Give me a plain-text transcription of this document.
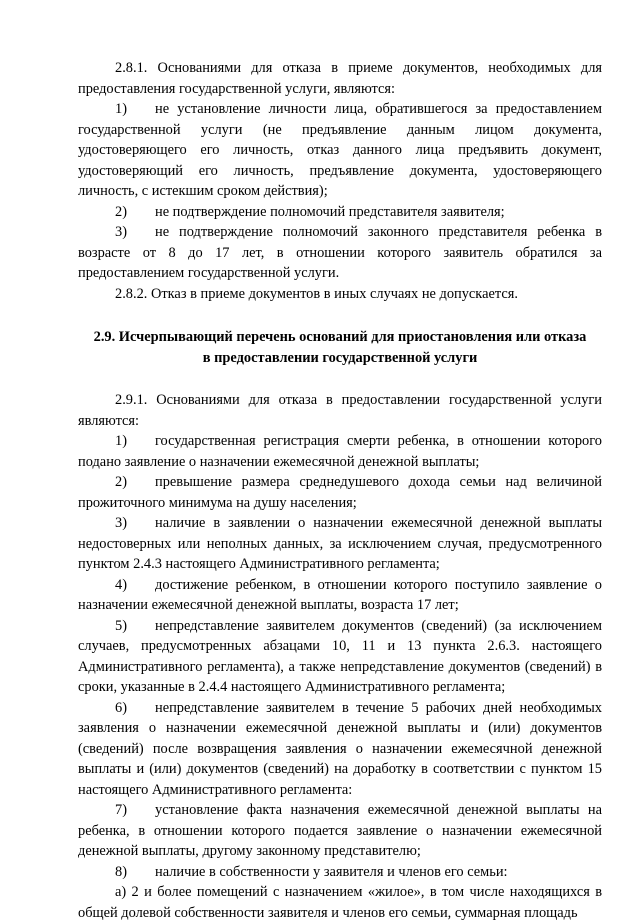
2.8.1. Основаниями для отказа в приеме документов, необходимых для предоставления государственной услуги, являются:

1) не установление личности лица, обратившегося за предоставлением государственной услуги (не предъявление данным лицом документа, удостоверяющего его личность, отказ данного лица предъявить документ, удостоверяющий его личность, предъявление документа, удостоверяющего личность, с истекшим сроком действия);

2) не подтверждение полномочий представителя заявителя;

3) не подтверждение полномочий законного представителя ребенка в возрасте от 8 до 17 лет, в отношении которого заявитель обратился за предоставлением государственной услуги.

2.8.2. Отказ в приеме документов в иных случаях не допускается.

2.9. Исчерпывающий перечень оснований для приостановления или отказа
в предоставлении государственной услуги

2.9.1. Основаниями для отказа в предоставлении государственной услуги являются:

1) государственная регистрация смерти ребенка, в отношении которого подано заявление о назначении ежемесячной денежной выплаты;

2) превышение размера среднедушевого дохода семьи над величиной прожиточного минимума на душу населения;

3) наличие в заявлении о назначении ежемесячной денежной выплаты недостоверных или неполных данных, за исключением случая, предусмотренного пунктом 2.4.3 настоящего Административного регламента;

4) достижение ребенком, в отношении которого поступило заявление о назначении ежемесячной денежной выплаты, возраста 17 лет;

5) непредставление заявителем документов (сведений) (за исключением случаев, предусмотренных абзацами 10, 11 и 13 пункта 2.6.3. настоящего Административного регламента), а также непредставление документов (сведений) в сроки, указанные в 2.4.4 настоящего Административного регламента;

6) непредставление заявителем в течение 5 рабочих дней необходимых заявления о назначении ежемесячной денежной выплаты и (или) документов (сведений) после возвращения заявления о назначении ежемесячной денежной выплаты и (или) документов (сведений) на доработку в соответствии с пунктом 15 настоящего Административного регламента:

7) установление факта назначения ежемесячной денежной выплаты на ребенка, в отношении которого подается заявление о назначении ежемесячной денежной выплаты, другому законному представителю;

8) наличие в собственности у заявителя и членов его семьи:

а) 2 и более помещений с назначением «жилое», в том числе находящихся в общей долевой собственности заявителя и членов его семьи, суммарная площадь
